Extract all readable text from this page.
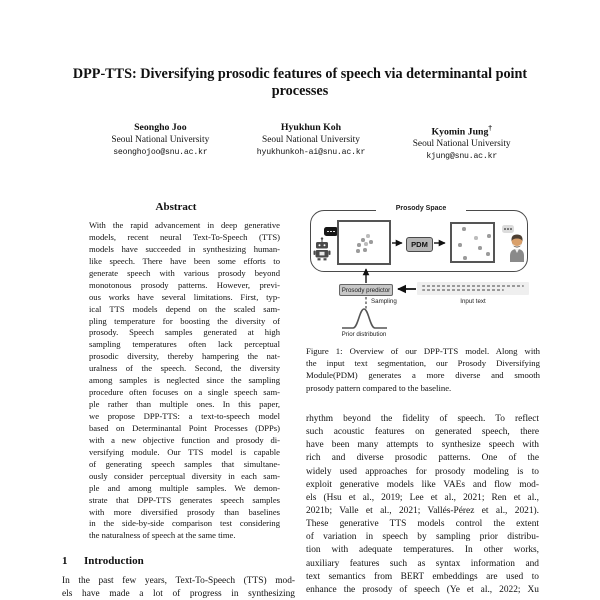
DPP-TTS: Diversifying prosodic features of speech via determinantal point
processes
Seongho Joo
Seoul National University
seonghojoo@snu.ac.kr
Hyukhun Koh
Seoul National University
hyukhunkoh-ai@snu.ac.kr
Kyomin Jung†
Seoul National University
kjung@snu.ac.kr
Abstract
With the rapid advancement in deep generative
models, recent neural Text-To-Speech (TTS)
models have succeeded in synthesizing human-
like speech. There have been some efforts to
generate speech with various prosody beyond
monotonous prosody patterns. However, previ-
ous works have several limitations. First, typ-
ical TTS models depend on the scaled sam-
pling temperature for boosting the diversity of
prosody. Speech samples generated at high
sampling temperatures often lack perceptual
prosodic diversity, thereby hampering the nat-
uralness of the speech. Second, the diversity
among samples is neglected since the sampling
procedure often focuses on a single speech sam-
ple rather than multiple ones. In this paper,
we propose DPP-TTS: a text-to-speech model
based on Determinantal Point Processes (DPPs)
with a new objective function and prosody di-
versifying module. Our TTS model is capable
of generating speech samples that simultane-
ously consider perceptual diversity in each sam-
ple and among multiple samples. We demon-
strate that DPP-TTS generates speech samples
with more diversified prosody than baselines
in the side-by-side comparison test considering
the naturalness of speech at the same time.
1 Introduction
In the past few years, Text-To-Speech (TTS) mod-
els have made a lot of progress in synthesizing
Prosody Space
PDM
Prosody predictor
Input text
Sampling
Prior distribution
Figure 1: Overview of our DPP-TTS model. Along with
the input text segmentation, our Prosody Diversifying
Module(PDM) generates a more diverse and smooth
prosody pattern compared to the baseline.
rhythm beyond the fidelity of speech. To reflect
such acoustic features on generated speech, there
have been many attempts to synthesize speech with
rich and diverse prosodic patterns. One of the
widely used approaches for prosody modeling is to
exploit generative models like VAEs and flow mod-
els (Hsu et al., 2019; Lee et al., 2021; Ren et al.,
2021b; Valle et al., 2021; Vallés-Pérez et al., 2021).
These generative TTS models control the extent
of variation in speech by sampling prior distribu-
tion with adequate temperatures. In other works,
auxiliary features such as syntax information and
text semantics from BERT embeddings are used to
enhance the prosody of speech (Ye et al., 2022; Xu
